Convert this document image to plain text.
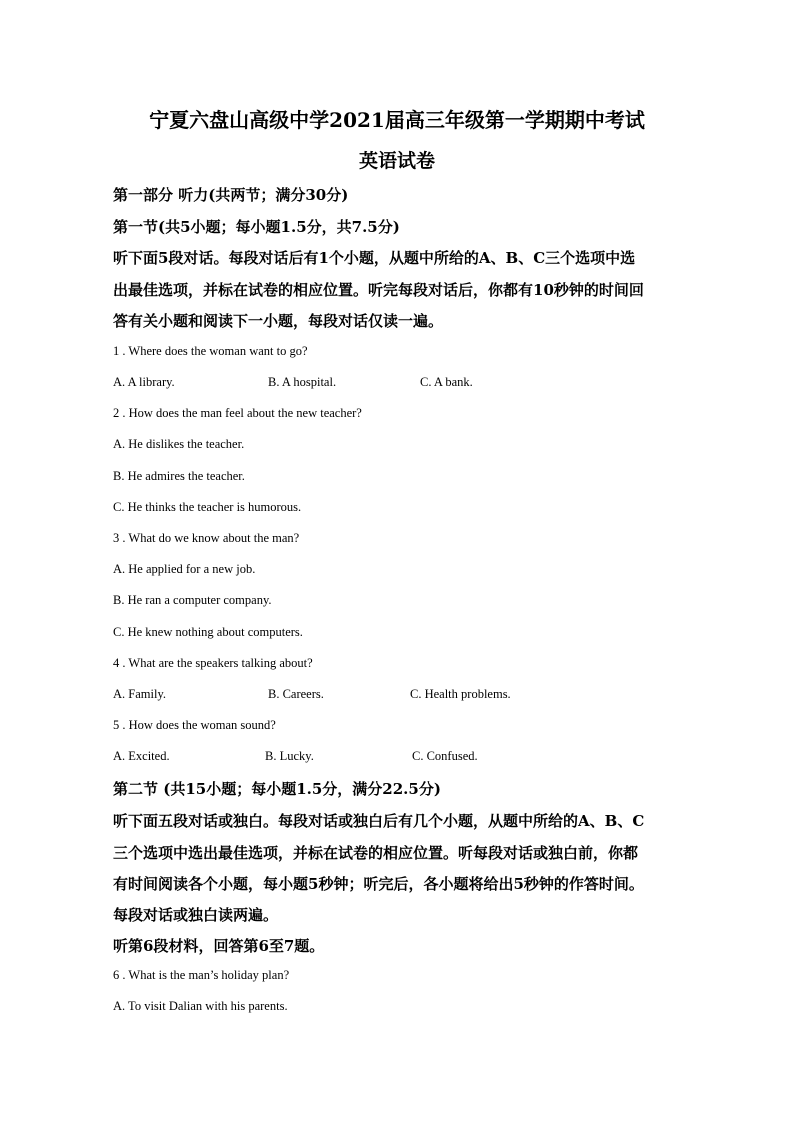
宁夏六盘山高级中学2021届高三年级第一学期期中考试
英语试卷
第一部分 听力(共两节；满分30分)
第一节(共5小题；每小题1.5分，共7.5分)
听下面5段对话。每段对话后有1个小题，从题中所给的A、B、C三个选项中选
出最佳选项，并标在试卷的相应位置。听完每段对话后，你都有10秒钟的时间回
答有关小题和阅读下一小题，每段对话仅读一遍。
1 . Where does the woman want to go?
A. A library.	B. A hospital.	C. A bank.
2 . How does the man feel about the new teacher?
A. He dislikes the teacher.
B. He admires the teacher.
C. He thinks the teacher is humorous.
3 . What do we know about the man?
A. He applied for a new job.
B. He ran a computer company.
C. He knew nothing about computers.
4 . What are the speakers talking about?
A. Family.	B. Careers.	C. Health problems.
5 . How does the woman sound?
A. Excited.	B. Lucky.	C. Confused.
第二节 (共15小题；每小题1.5分，满分22.5分)
听下面五段对话或独白。每段对话或独白后有几个小题，从题中所给的A、B、C
三个选项中选出最佳选项，并标在试卷的相应位置。听每段对话或独白前，你都
有时间阅读各个小题，每小题5秒钟；听完后，各小题将给出5秒钟的作答时间。
每段对话或独白读两遍。
听第6段材料，回答第6至7题。
6 . What is the man’s holiday plan?
A. To visit Dalian with his parents.
